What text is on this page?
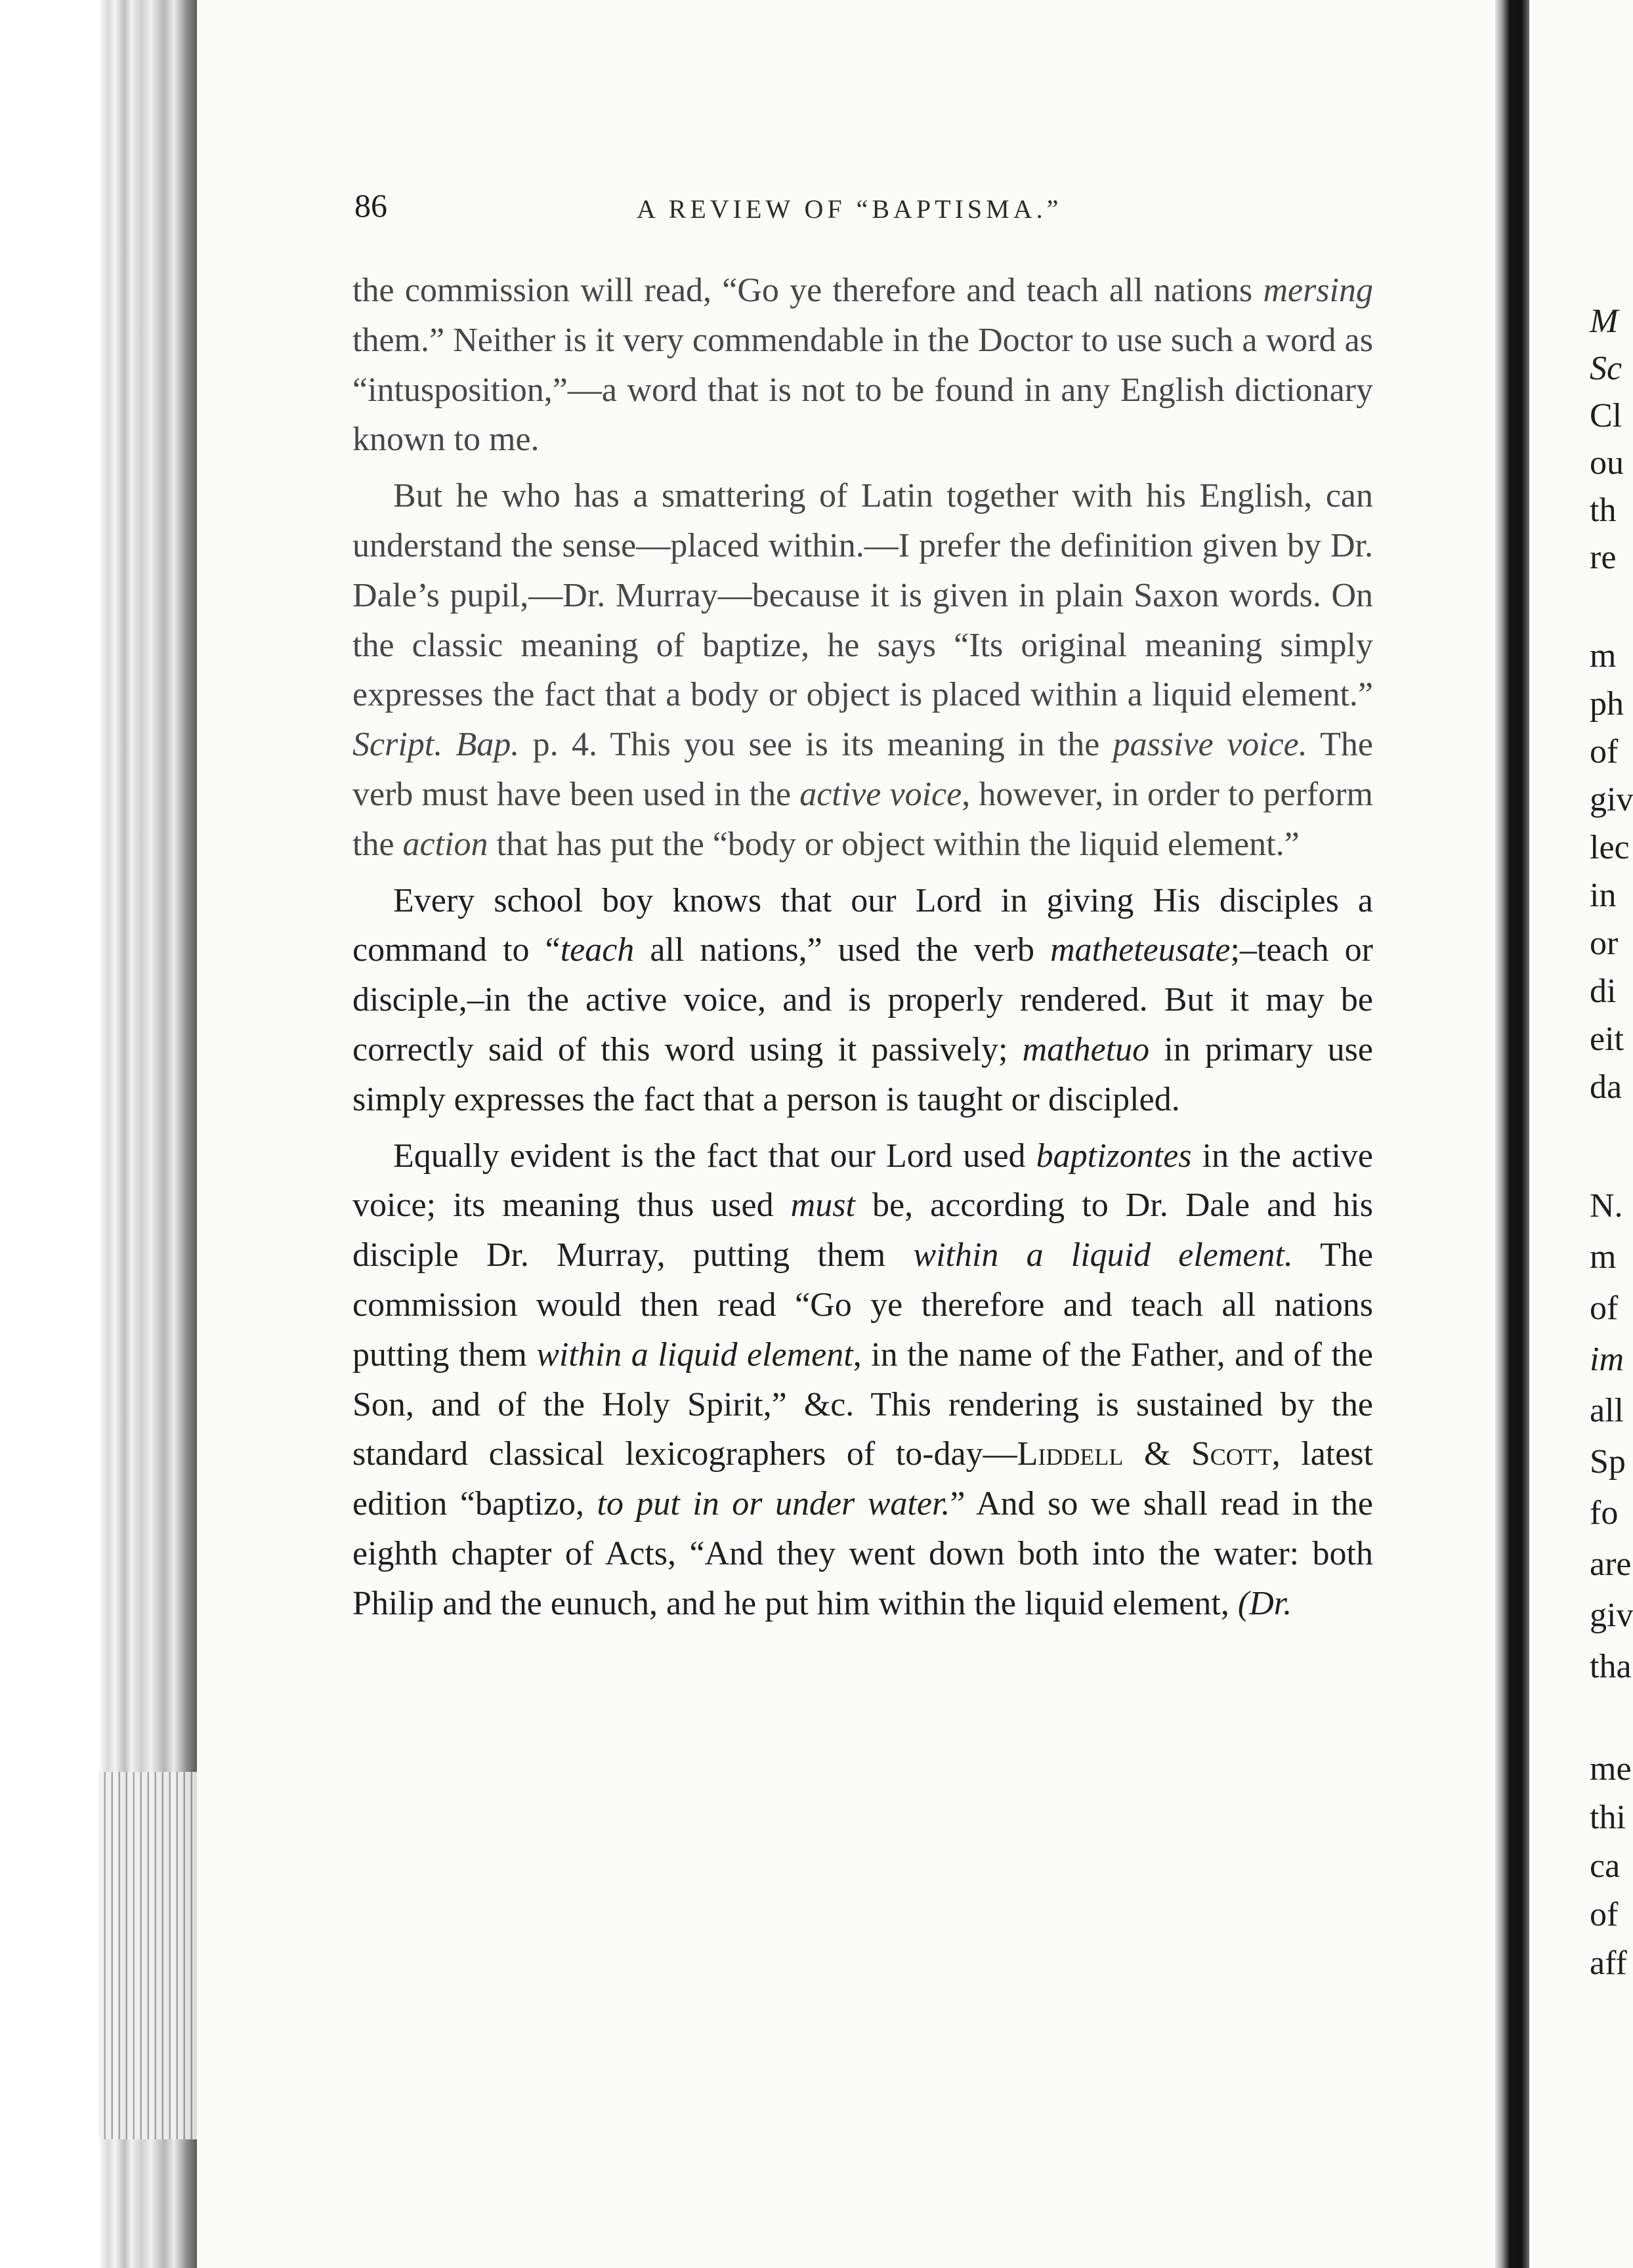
M
Sc
Cl
ou
th
re
m
ph
of
giv
lec
in
or
di
eit
da
N.
m
of
im
all
Sp
fo
are
giv
tha
me
thi
ca
of
aff
86	A REVIEW OF “BAPTISMA.”

the commission will read, “Go ye therefore and teach all nations mersing them.” Neither is it very commendable in the Doctor to use such a word as “intusposition,”—a word that is not to be found in any English dictionary known to me.

But he who has a smattering of Latin together with his English, can understand the sense—placed within.—I prefer the definition given by Dr. Dale’s pupil,—Dr. Murray—because it is given in plain Saxon words. On the classic meaning of baptize, he says “Its original meaning simply expresses the fact that a body or object is placed within a liquid element.” Script. Bap. p. 4. This you see is its meaning in the passive voice. The verb must have been used in the active voice, however, in order to perform the action that has put the “body or object within the liquid element.”

Every school boy knows that our Lord in giving His disciples a command to “teach all nations,” used the verb matheteusate;–teach or disciple,–in the active voice, and is properly rendered. But it may be correctly said of this word using it passively; mathetuo in primary use simply expresses the fact that a person is taught or discipled.

Equally evident is the fact that our Lord used baptizontes in the active voice; its meaning thus used must be, according to Dr. Dale and his disciple Dr. Murray, putting them within a liquid element. The commission would then read “Go ye therefore and teach all nations putting them within a liquid element, in the name of the Father, and of the Son, and of the Holy Spirit,” &c. This rendering is sustained by the standard classical lexicographers of to-day—Liddell & Scott, latest edition “baptizo, to put in or under water.” And so we shall read in the eighth chapter of Acts, “And they went down both into the water: both Philip and the eunuch, and he put him within the liquid element, (Dr.
